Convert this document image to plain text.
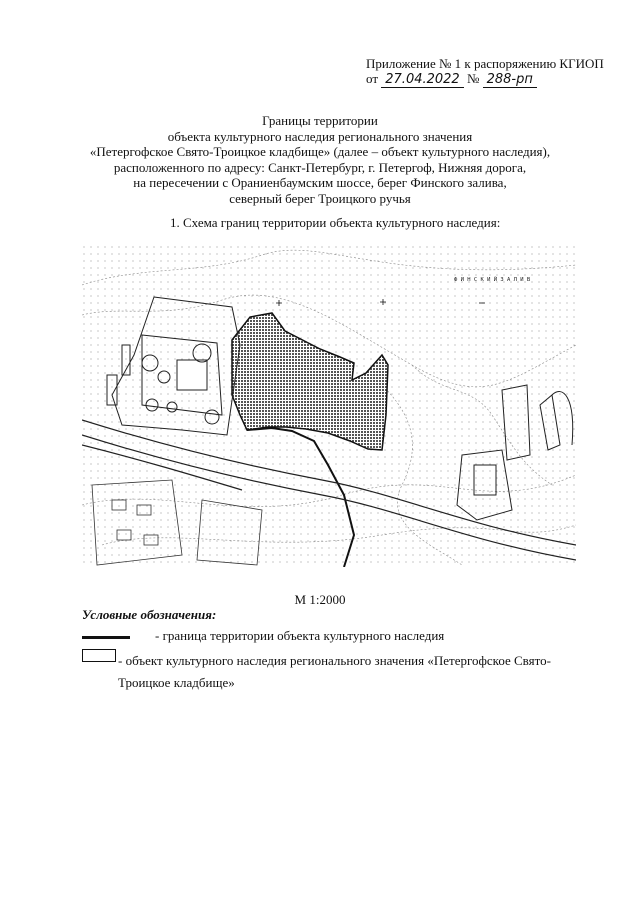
Приложение № 1 к распоряжению КГИОП
от 27.04.2022 № 288-рп
Границы территории
объекта культурного наследия регионального значения
«Петергофское Свято-Троицкое кладбище» (далее – объект культурного наследия),
расположенного по адресу: Санкт-Петербург, г. Петергоф, Нижняя дорога,
на пересечении с Ораниенбаумским шоссе, берег Финского залива,
северный берег Троицкого ручья
1. Схема границ территории объекта культурного наследия:
Ф И Н С К И Й З А Л И В
М 1:2000
Условные обозначения:
- граница территории объекта культурного наследия
- объект культурного наследия регионального значения «Петергофское Свято-Троицкое кладбище»
